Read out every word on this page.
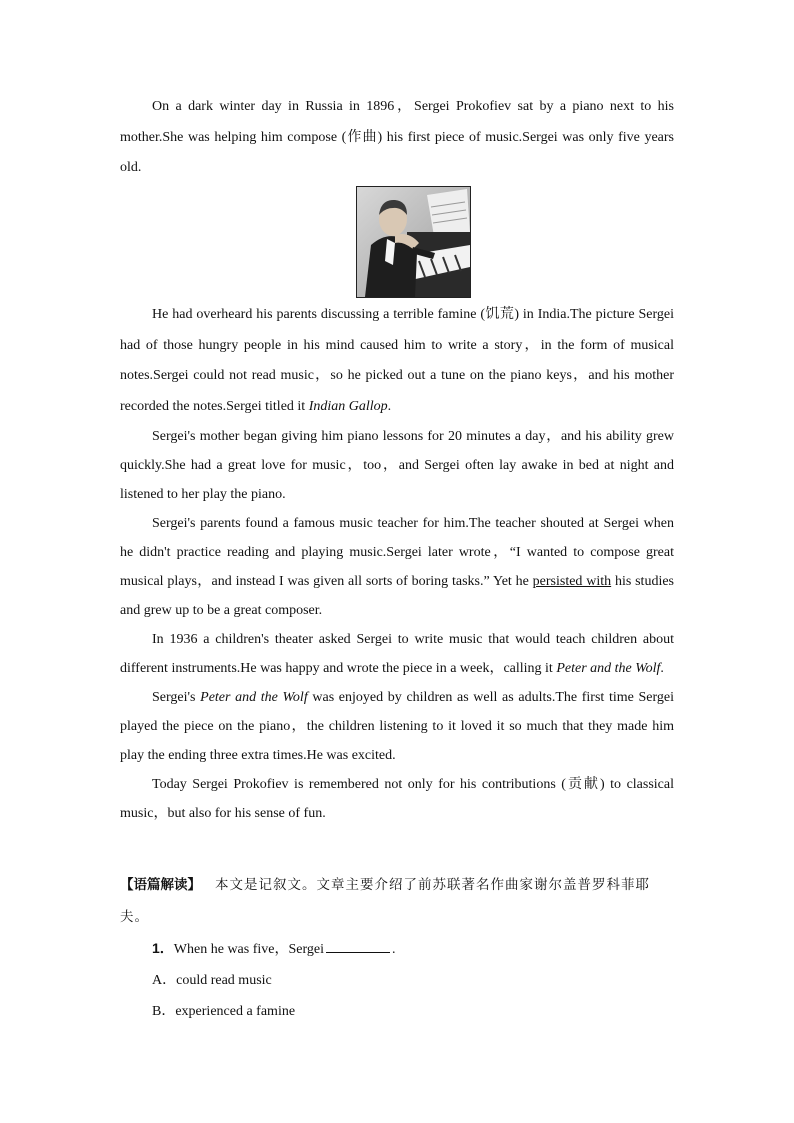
On a dark winter day in Russia in 1896，Sergei Prokofiev sat by a piano next to his mother.She was helping him compose (作曲) his first piece of music.Sergei was only five years old.

He had overheard his parents discussing a terrible famine (饥荒) in India.The picture Sergei had of those hungry people in his mind caused him to write a story，in the form of musical notes.Sergei could not read music，so he picked out a tune on the piano keys，and his mother recorded the notes.Sergei titled it Indian Gallop.

Sergei's mother began giving him piano lessons for 20 minutes a day，and his ability grew quickly.She had a great love for music，too，and Sergei often lay awake in bed at night and listened to her play the piano.

Sergei's parents found a famous music teacher for him.The teacher shouted at Sergei when he didn't practice reading and playing music.Sergei later wrote，“I wanted to compose great musical plays，and instead I was given all sorts of boring tasks.” Yet he persisted with his studies and grew up to be a great composer.

In 1936 a children's theater asked Sergei to write music that would teach children about different instruments.He was happy and wrote the piece in a week，calling it Peter and the Wolf.

Sergei's Peter and the Wolf was enjoyed by children as well as adults.The first time Sergei played the piece on the piano，the children listening to it loved it so much that they made him play the ending three extra times.He was excited.

Today Sergei Prokofiev is remembered not only for his contributions (贡献) to classical music，but also for his sense of fun.

【语篇解读】 本文是记叙文。文章主要介绍了前苏联著名作曲家谢尔盖普罗科菲耶夫。
1．When he was five，Sergei	.
A．could read music
B．experienced a famine
